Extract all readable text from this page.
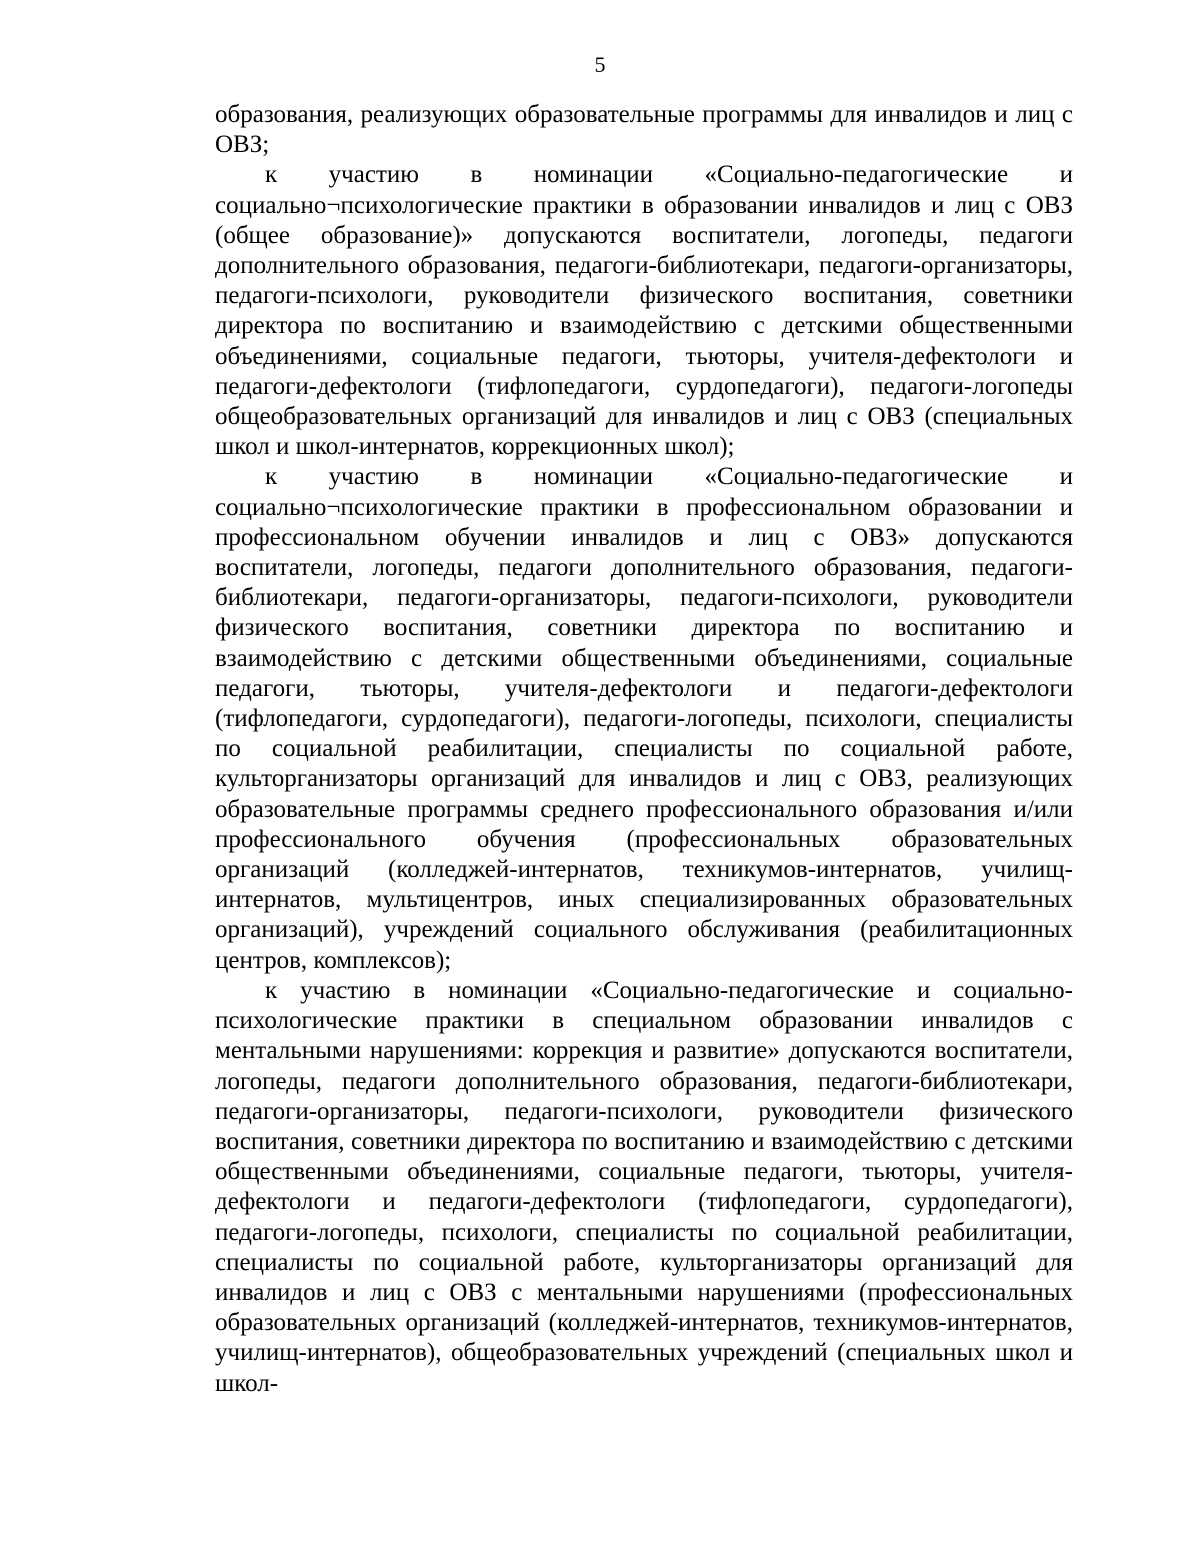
5

образования, реализующих образовательные программы для инвалидов и лиц с ОВЗ;

к участию в номинации «Социально-педагогические и социально¬психологические практики в образовании инвалидов и лиц с ОВЗ (общее образование)» допускаются воспитатели, логопеды, педагоги дополнительного образования, педагоги-библиотекари, педагоги-организаторы, педагоги-психологи, руководители физического воспитания, советники директора по воспитанию и взаимодействию с детскими общественными объединениями, социальные педагоги, тьюторы, учителя-дефектологи и педагоги-дефектологи (тифлопедагоги, сурдопедагоги), педагоги-логопеды общеобразовательных организаций для инвалидов и лиц с ОВЗ (специальных школ и школ-интернатов, коррекционных школ);

к участию в номинации «Социально-педагогические и социально¬психологические практики в профессиональном образовании и профессиональном обучении инвалидов и лиц с ОВЗ» допускаются воспитатели, логопеды, педагоги дополнительного образования, педагоги-библиотекари, педагоги-организаторы, педагоги-психологи, руководители физического воспитания, советники директора по воспитанию и взаимодействию с детскими общественными объединениями, социальные педагоги, тьюторы, учителя-дефектологи и педагоги-дефектологи (тифлопедагоги, сурдопедагоги), педагоги-логопеды, психологи, специалисты по социальной реабилитации, специалисты по социальной работе, культорганизаторы организаций для инвалидов и лиц с ОВЗ, реализующих образовательные программы среднего профессионального образования и/или профессионального обучения (профессиональных образовательных организаций (колледжей-интернатов, техникумов-интернатов, училищ-интернатов, мультицентров, иных специализированных образовательных организаций), учреждений социального обслуживания (реабилитационных центров, комплексов);

к участию в номинации «Социально-педагогические и социально-психологические практики в специальном образовании инвалидов с ментальными нарушениями: коррекция и развитие» допускаются воспитатели, логопеды, педагоги дополнительного образования, педагоги-библиотекари, педагоги-организаторы, педагоги-психологи, руководители физического воспитания, советники директора по воспитанию и взаимодействию с детскими общественными объединениями, социальные педагоги, тьюторы, учителя-дефектологи и педагоги-дефектологи (тифлопедагоги, сурдопедагоги), педагоги-логопеды, психологи, специалисты по социальной реабилитации, специалисты по социальной работе, культорганизаторы организаций для инвалидов и лиц с ОВЗ с ментальными нарушениями (профессиональных образовательных организаций (колледжей-интернатов, техникумов-интернатов, училищ-интернатов), общеобразовательных учреждений (специальных школ и школ-
